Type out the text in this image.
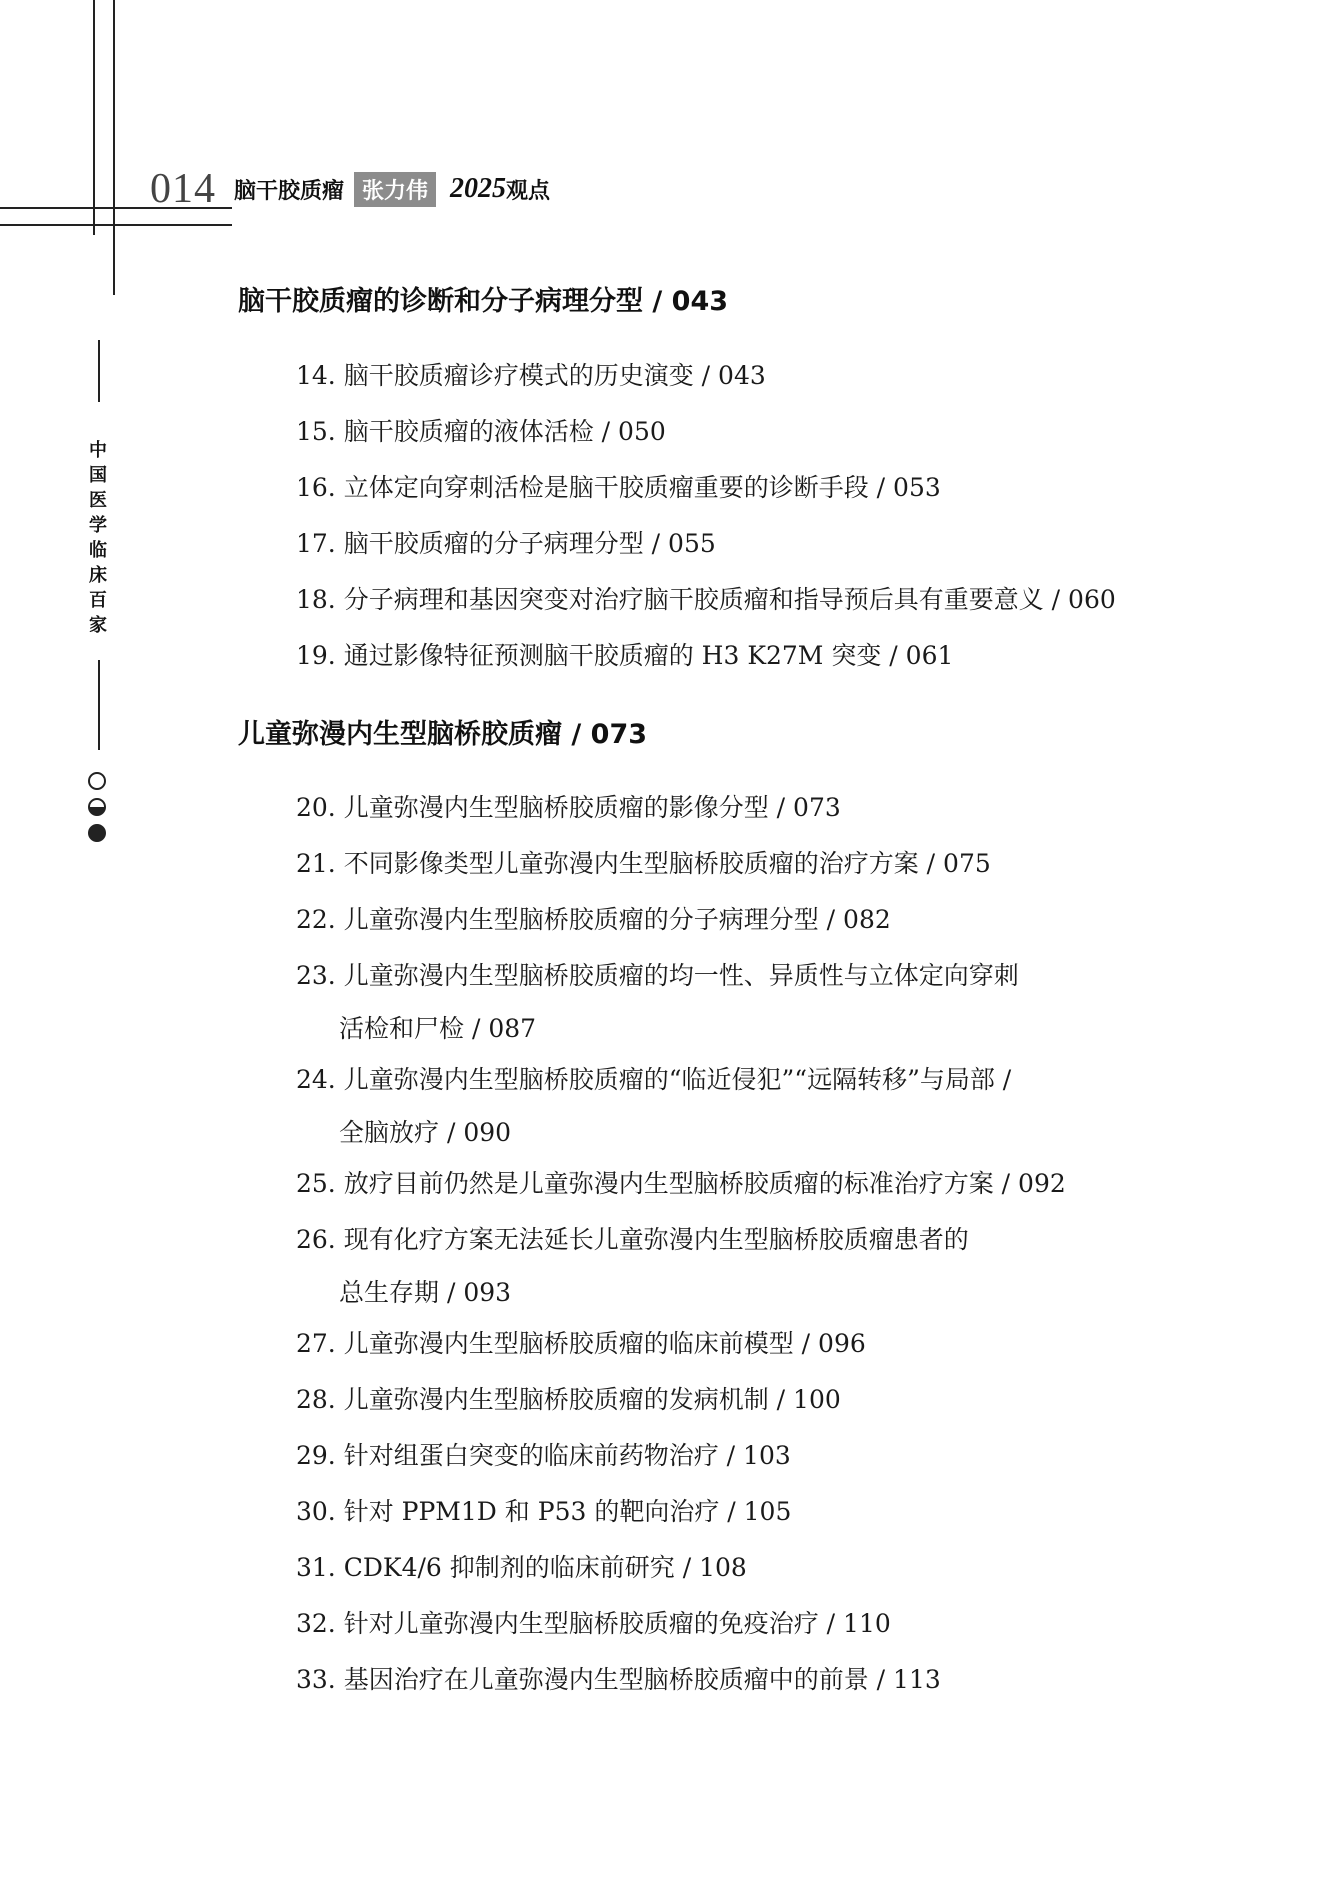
014 脑干胶质瘤 张力伟 2025 观点
中
国
医
学
临
床
百
家
脑干胶质瘤的诊断和分子病理分型 / 043
14. 脑干胶质瘤诊疗模式的历史演变 / 043
15. 脑干胶质瘤的液体活检 / 050
16. 立体定向穿刺活检是脑干胶质瘤重要的诊断手段 / 053
17. 脑干胶质瘤的分子病理分型 / 055
18. 分子病理和基因突变对治疗脑干胶质瘤和指导预后具有重要意义 / 060
19. 通过影像特征预测脑干胶质瘤的 H3 K27M 突变 / 061
儿童弥漫内生型脑桥胶质瘤 / 073
20. 儿童弥漫内生型脑桥胶质瘤的影像分型 / 073
21. 不同影像类型儿童弥漫内生型脑桥胶质瘤的治疗方案 / 075
22. 儿童弥漫内生型脑桥胶质瘤的分子病理分型 / 082
23. 儿童弥漫内生型脑桥胶质瘤的均一性、异质性与立体定向穿刺
活检和尸检 / 087
24. 儿童弥漫内生型脑桥胶质瘤的“临近侵犯”“远隔转移”与局部 /
全脑放疗 / 090
25. 放疗目前仍然是儿童弥漫内生型脑桥胶质瘤的标准治疗方案 / 092
26. 现有化疗方案无法延长儿童弥漫内生型脑桥胶质瘤患者的
总生存期 / 093
27. 儿童弥漫内生型脑桥胶质瘤的临床前模型 / 096
28. 儿童弥漫内生型脑桥胶质瘤的发病机制 / 100
29. 针对组蛋白突变的临床前药物治疗 / 103
30. 针对 PPM1D 和 P53 的靶向治疗 / 105
31. CDK4/6 抑制剂的临床前研究 / 108
32. 针对儿童弥漫内生型脑桥胶质瘤的免疫治疗 / 110
33. 基因治疗在儿童弥漫内生型脑桥胶质瘤中的前景 / 113
